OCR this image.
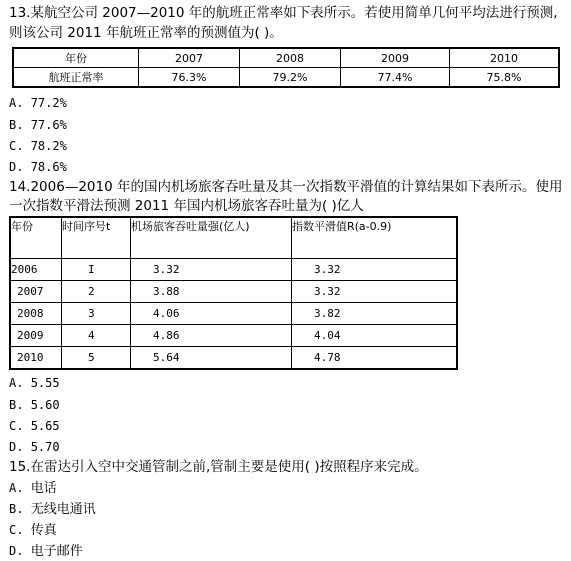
13.某航空公司 2007—2010 年的航班正常率如下表所示。若使用简单几何平均法进行预测,
则该公司 2011 年航班正常率的预测值为( )。
年份	2007	2008	2009	2010
航班正常率	76.3%	79.2%	77.4%	75.8%
A. 77.2%
B. 77.6%
C. 78.2%
D. 78.6%
14.2006—2010 年的国内机场旅客吞吐量及其一次指数平滑值的计算结果如下表所示。使用
一次指数平滑法预测 2011 年国内机场旅客吞吐量为( )亿人
年份	时间序号t	机场旅客吞吐量强(亿人)	指数平滑值R(a-0.9)
2006	I	3.32	3.32
2007	2	3.88	3.32
2008	3	4.06	3.82
2009	4	4.86	4.04
2010	5	5.64	4.78
A. 5.55
B. 5.60
C. 5.65
D. 5.70
15.在雷达引入空中交通管制之前,管制主要是使用( )按照程序来完成。
A. 电话
B. 无线电通讯
C. 传真
D. 电子邮件
